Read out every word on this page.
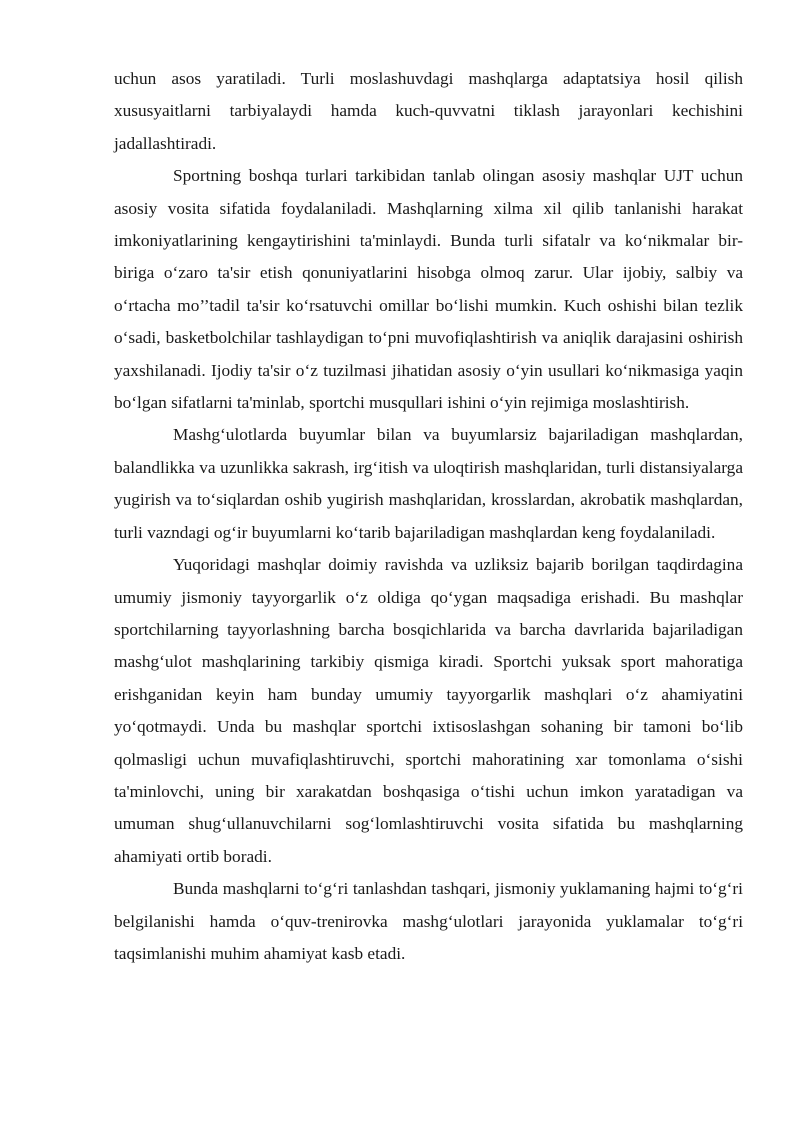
uchun asos yaratiladi. Turli moslashuvdagi mashqlarga adaptatsiya hosil qilish xususyaitlarni tarbiyalaydi hamda kuch-quvvatni tiklash jarayonlari kechishini jadallashtiradi.

Sportning boshqa turlari tarkibidan tanlab olingan asosiy mashqlar UJT uchun asosiy vosita sifatida foydalaniladi. Mashqlarning xilma xil qilib tanlanishi harakat imkoniyatlarining kengaytirishini ta'minlaydi. Bunda turli sifatalr va ko‘nikmalar bir-biriga o‘zaro ta'sir etish qonuniyatlarini hisobga olmoq zarur. Ular ijobiy, salbiy va o‘rtacha mo’’tadil ta'sir ko‘rsatuvchi omillar bo‘lishi mumkin. Kuch oshishi bilan tezlik o‘sadi, basketbolchilar tashlaydigan to‘pni muvofiqlashtirish va aniqlik darajasini oshirish yaxshilanadi. Ijodiy ta'sir o‘z tuzilmasi jihatidan asosiy o‘yin usullari ko‘nikmasiga yaqin bo‘lgan sifatlarni ta'minlab, sportchi musqullari ishini o‘yin rejimiga moslashtirish.

Mashg‘ulotlarda buyumlar bilan va buyumlarsiz bajariladigan mashqlardan, balandlikka va uzunlikka sakrash, irg‘itish va uloqtirish mashqlaridan, turli distansiyalarga yugirish va to‘siqlardan oshib yugirish mashqlaridan, krosslardan, akrobatik mashqlardan, turli vazndagi og‘ir buyumlarni ko‘tarib bajariladigan mashqlardan keng foydalaniladi.

Yuqoridagi mashqlar doimiy ravishda va uzliksiz bajarib borilgan taqdirdagina umumiy jismoniy tayyorgarlik o‘z oldiga qo‘ygan maqsadiga erishadi. Bu mashqlar sportchilarning tayyorlashning barcha bosqichlarida va barcha davrlarida bajariladigan mashg‘ulot mashqlarining tarkibiy qismiga kiradi. Sportchi yuksak sport mahoratiga erishganidan keyin ham bunday umumiy tayyorgarlik mashqlari o‘z ahamiyatini yo‘qotmaydi. Unda bu mashqlar sportchi ixtisoslashgan sohaning bir tamoni bo‘lib qolmasligi uchun muvafiqlashtiruvchi, sportchi mahoratining xar tomonlama o‘sishi ta'minlovchi, uning bir xarakatdan boshqasiga o‘tishi uchun imkon yaratadigan va umuman shug‘ullanuvchilarni sog‘lomlashtiruvchi vosita sifatida bu mashqlarning ahamiyati ortib boradi.

Bunda mashqlarni to‘g‘ri tanlashdan tashqari, jismoniy yuklamaning hajmi to‘g‘ri belgilanishi hamda o‘quv-trenirovka mashg‘ulotlari jarayonida yuklamalar to‘g‘ri taqsimlanishi muhim ahamiyat kasb etadi.
